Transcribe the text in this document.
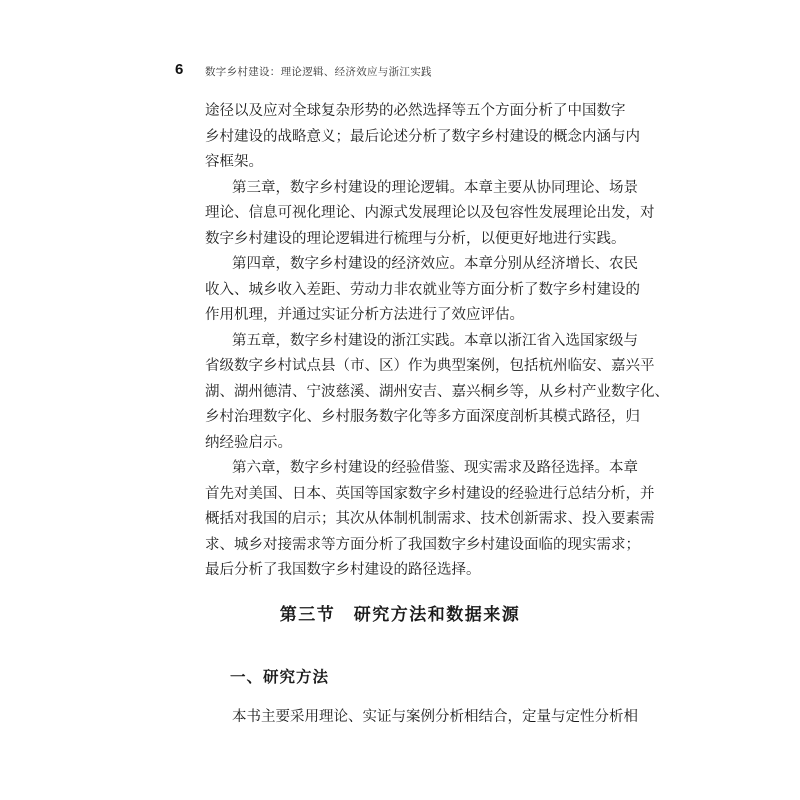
6 数字乡村建设：理论逻辑、经济效应与浙江实践
途径以及应对全球复杂形势的必然选择等五个方面分析了中国数字
乡村建设的战略意义；最后论述分析了数字乡村建设的概念内涵与内
容框架。
第三章，数字乡村建设的理论逻辑。本章主要从协同理论、场景
理论、信息可视化理论、内源式发展理论以及包容性发展理论出发，对
数字乡村建设的理论逻辑进行梳理与分析，以便更好地进行实践。
第四章，数字乡村建设的经济效应。本章分别从经济增长、农民
收入、城乡收入差距、劳动力非农就业等方面分析了数字乡村建设的
作用机理，并通过实证分析方法进行了效应评估。
第五章，数字乡村建设的浙江实践。本章以浙江省入选国家级与
省级数字乡村试点县（市、区）作为典型案例，包括杭州临安、嘉兴平
湖、湖州德清、宁波慈溪、湖州安吉、嘉兴桐乡等，从乡村产业数字化、
乡村治理数字化、乡村服务数字化等多方面深度剖析其模式路径，归
纳经验启示。
第六章，数字乡村建设的经验借鉴、现实需求及路径选择。本章
首先对美国、日本、英国等国家数字乡村建设的经验进行总结分析，并
概括对我国的启示；其次从体制机制需求、技术创新需求、投入要素需
求、城乡对接需求等方面分析了我国数字乡村建设面临的现实需求；
最后分析了我国数字乡村建设的路径选择。
第三节　研究方法和数据来源
一、研究方法
本书主要采用理论、实证与案例分析相结合，定量与定性分析相
